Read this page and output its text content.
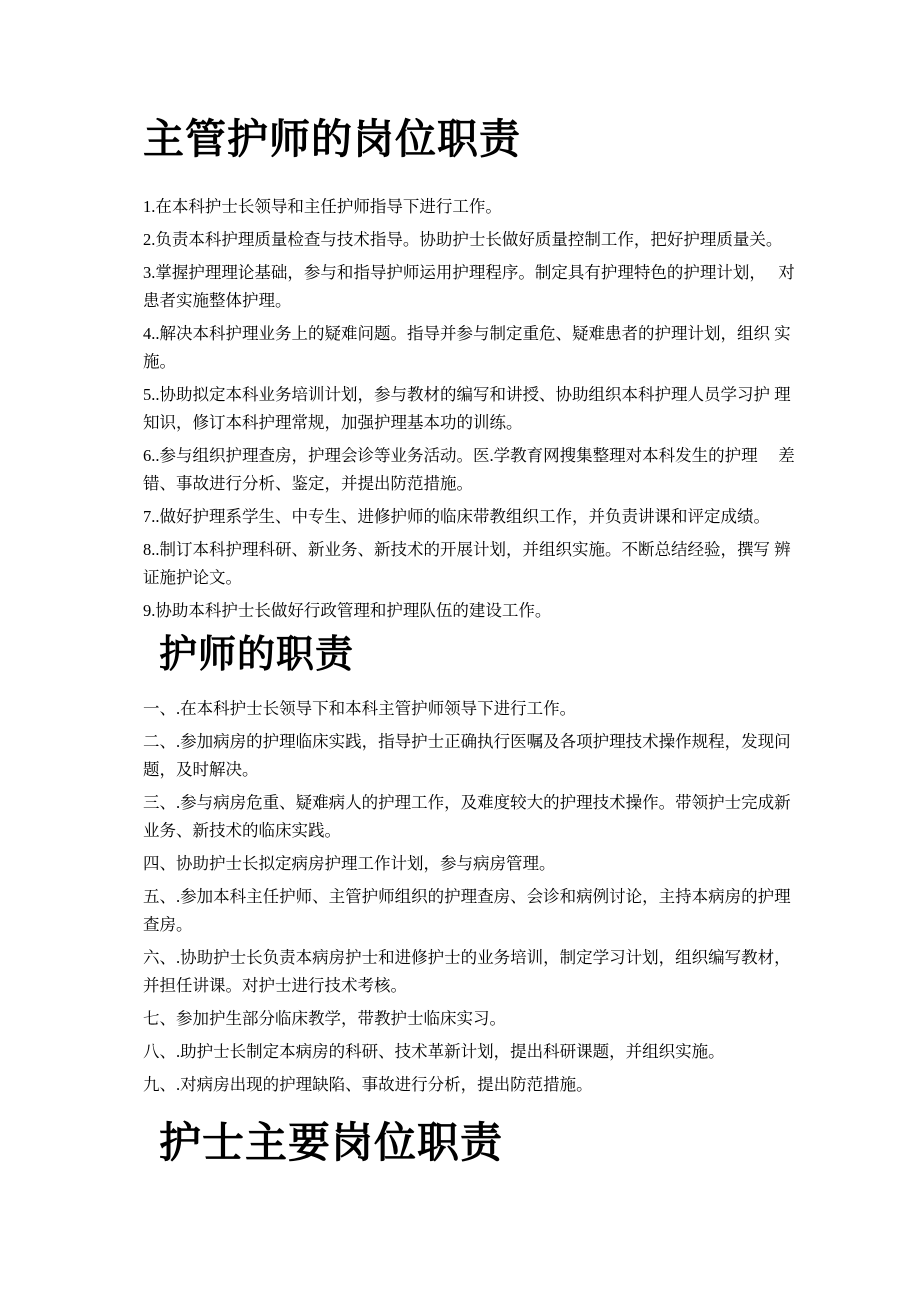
主管护师的岗位职责

1.在本科护士长领导和主任护师指导下进行工作。

2.负责本科护理质量检查与技术指导。协助护士长做好质量控制工作，把好护理质量关。

3.掌握护理理论基础，参与和指导护师运用护理程序。制定具有护理特色的护理计划，　 对患者实施整体护理。

4..解决本科护理业务上的疑难问题。指导并参与制定重危、疑难患者的护理计划，组织 实施。

5..协助拟定本科业务培训计划，参与教材的编写和讲授、协助组织本科护理人员学习护 理知识，修订本科护理常规，加强护理基本功的训练。

6..参与组织护理查房，护理会诊等业务活动。医.学教育网搜集整理对本科发生的护理　 差错、事故进行分析、鉴定，并提出防范措施。

7..做好护理系学生、中专生、进修护师的临床带教组织工作，并负责讲课和评定成绩。

8..制订本科护理科研、新业务、新技术的开展计划，并组织实施。不断总结经验，撰写 辨证施护论文。

9.协助本科护士长做好行政管理和护理队伍的建设工作。

护师的职责

一、.在本科护士长领导下和本科主管护师领导下进行工作。

二、.参加病房的护理临床实践，指导护士正确执行医嘱及各项护理技术操作规程，发现问题，及时解决。

三、.参与病房危重、疑难病人的护理工作，及难度较大的护理技术操作。带领护士完成新 业务、新技术的临床实践。

四、协助护士长拟定病房护理工作计划，参与病房管理。

五、.参加本科主任护师、主管护师组织的护理查房、会诊和病例讨论，主持本病房的护理 查房。

六、.协助护士长负责本病房护士和进修护士的业务培训，制定学习计划，组织编写教材，并担任讲课。对护士进行技术考核。

七、参加护生部分临床教学，带教护士临床实习。

八、.助护士长制定本病房的科研、技术革新计划，提出科研课题，并组织实施。

九、.对病房出现的护理缺陷、事故进行分析，提出防范措施。

护士主要岗位职责
